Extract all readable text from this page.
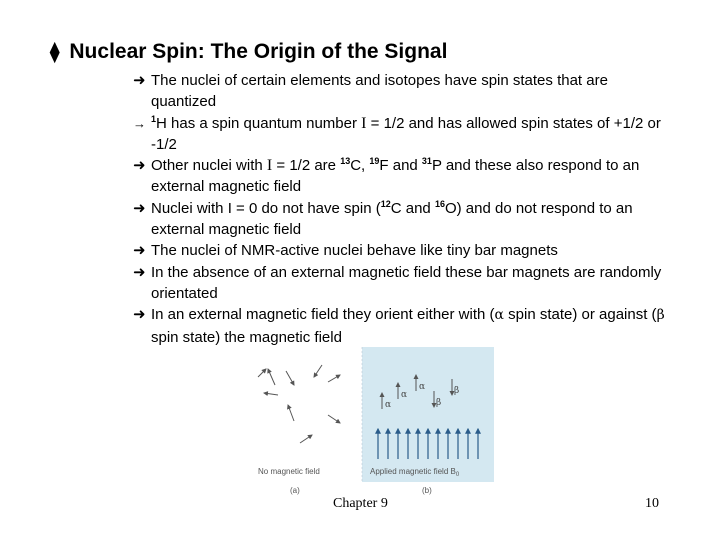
⧫ Nuclear Spin: The Origin of the Signal
➜ The nuclei of certain elements and isotopes have spin states that are quantized
→ $^1$H has a spin quantum number I = 1/2 and has allowed spin states of +1/2 or -1/2
➜ Other nuclei with I = 1/2 are $^{13}$C, $^{19}$F and $^{31}$P and these also respond to an external magnetic field
➜ Nuclei with I = 0 do not have spin ($^{12}$C and $^{16}$O) and do not respond to an external magnetic field
➜ The nuclei of NMR-active nuclei behave like tiny bar magnets
➜ In the absence of an external magnetic field these bar magnets are randomly orientated
➜ In an external magnetic field they orient either with (α spin state) or against (β spin state) the magnetic field
α
α
α
β
β
No magnetic field	Applied magnetic field $B_0$
(a)	(b)
Chapter 9	10
